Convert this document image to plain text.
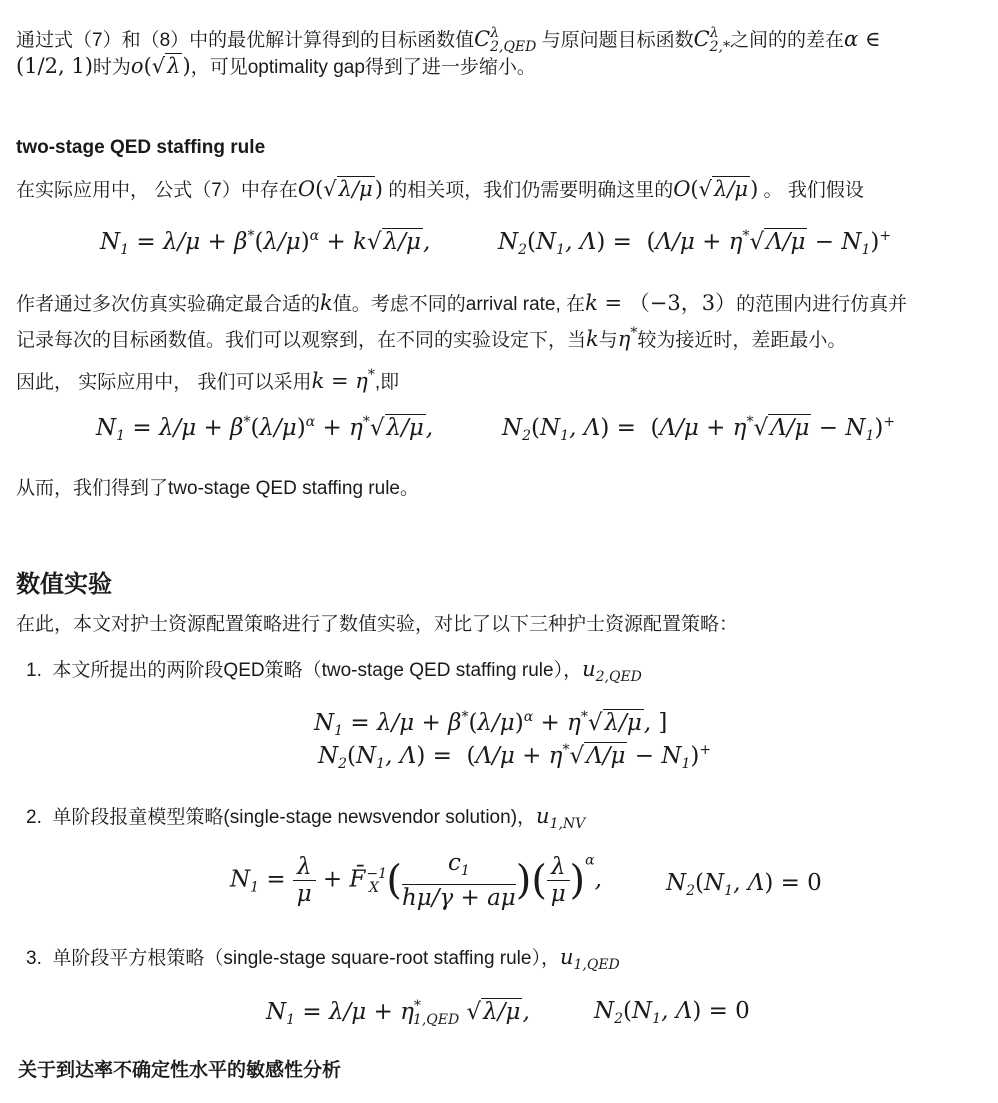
通过式（7）和（8）中的最优解计算得到的目标函数值$C^\lambda_{2,QED}$ 与原问题目标函数$C^\lambda_{2,*}$之间的的差在α ∈
(1/2, 1)时为o(√λ)，可见optimality gap得到了进一步缩小。
two-stage QED staffing rule
在实际应用中， 公式（7）中存在O(√λ/μ) 的相关项，我们仍需要明确这里的O(√λ/μ) 。 我们假设
$N_1 = \lambda/\mu + \beta^*(\lambda/\mu)^\alpha + k√\lambda/\mu$,	$N_2(N_1$, $\Lambda) = (\Lambda/\mu + \eta^*√\Lambda/\mu - N_1)^+$
作者通过多次仿真实验确定最合适的k值。考虑不同的arrival rate, 在k = （−3，3）的范围内进行仿真并
记录每次的目标函数值。我们可以观察到，在不同的实验设定下，当k与η*较为接近时，差距最小。
因此， 实际应用中， 我们可以采用k = η*,即
$N_1 = \lambda/\mu + \beta^*(\lambda/\mu)^\alpha + \eta^*√\lambda/\mu$,	$N_2(N_1$, $\Lambda) = (\Lambda/\mu + \eta^*√\Lambda/\mu - N_1)^+$
从而，我们得到了two-stage QED staffing rule。
数值实验
在此，本文对护士资源配置策略进行了数值实验，对比了以下三种护士资源配置策略：
1. 本文所提出的两阶段QED策略（two-stage QED staffing rule），$u_{2,QED}$
$N_1 = \lambda/\mu + \beta^*(\lambda/\mu)^\alpha + \eta^*√\lambda/\mu$, ]
$N_2(N_1$, $\Lambda) = (\Lambda/\mu + \eta^*√\Lambda/\mu - N_1)^+$
2. 单阶段报童模型策略(single-stage newsvendor solution)，$u_{1,NV}$
$N_1 = \frac{\lambda}{\mu}$ + F̄$^{-1}_X$ ( $\frac{c_1}{h\mu/\gamma + a\mu}$ )( $\frac{\lambda}{\mu} )^\alpha$,	$N_2(N_1$, Λ) = 0
3. 单阶段平方根策略（single-stage square-root staffing rule），$u_{1,QED}$
$N_1 = \lambda/\mu + \eta^*_{1,QED}$ √λ/μ,	$N_2(N_1$, Λ) = 0
关于到达率不确定性水平的敏感性分析
